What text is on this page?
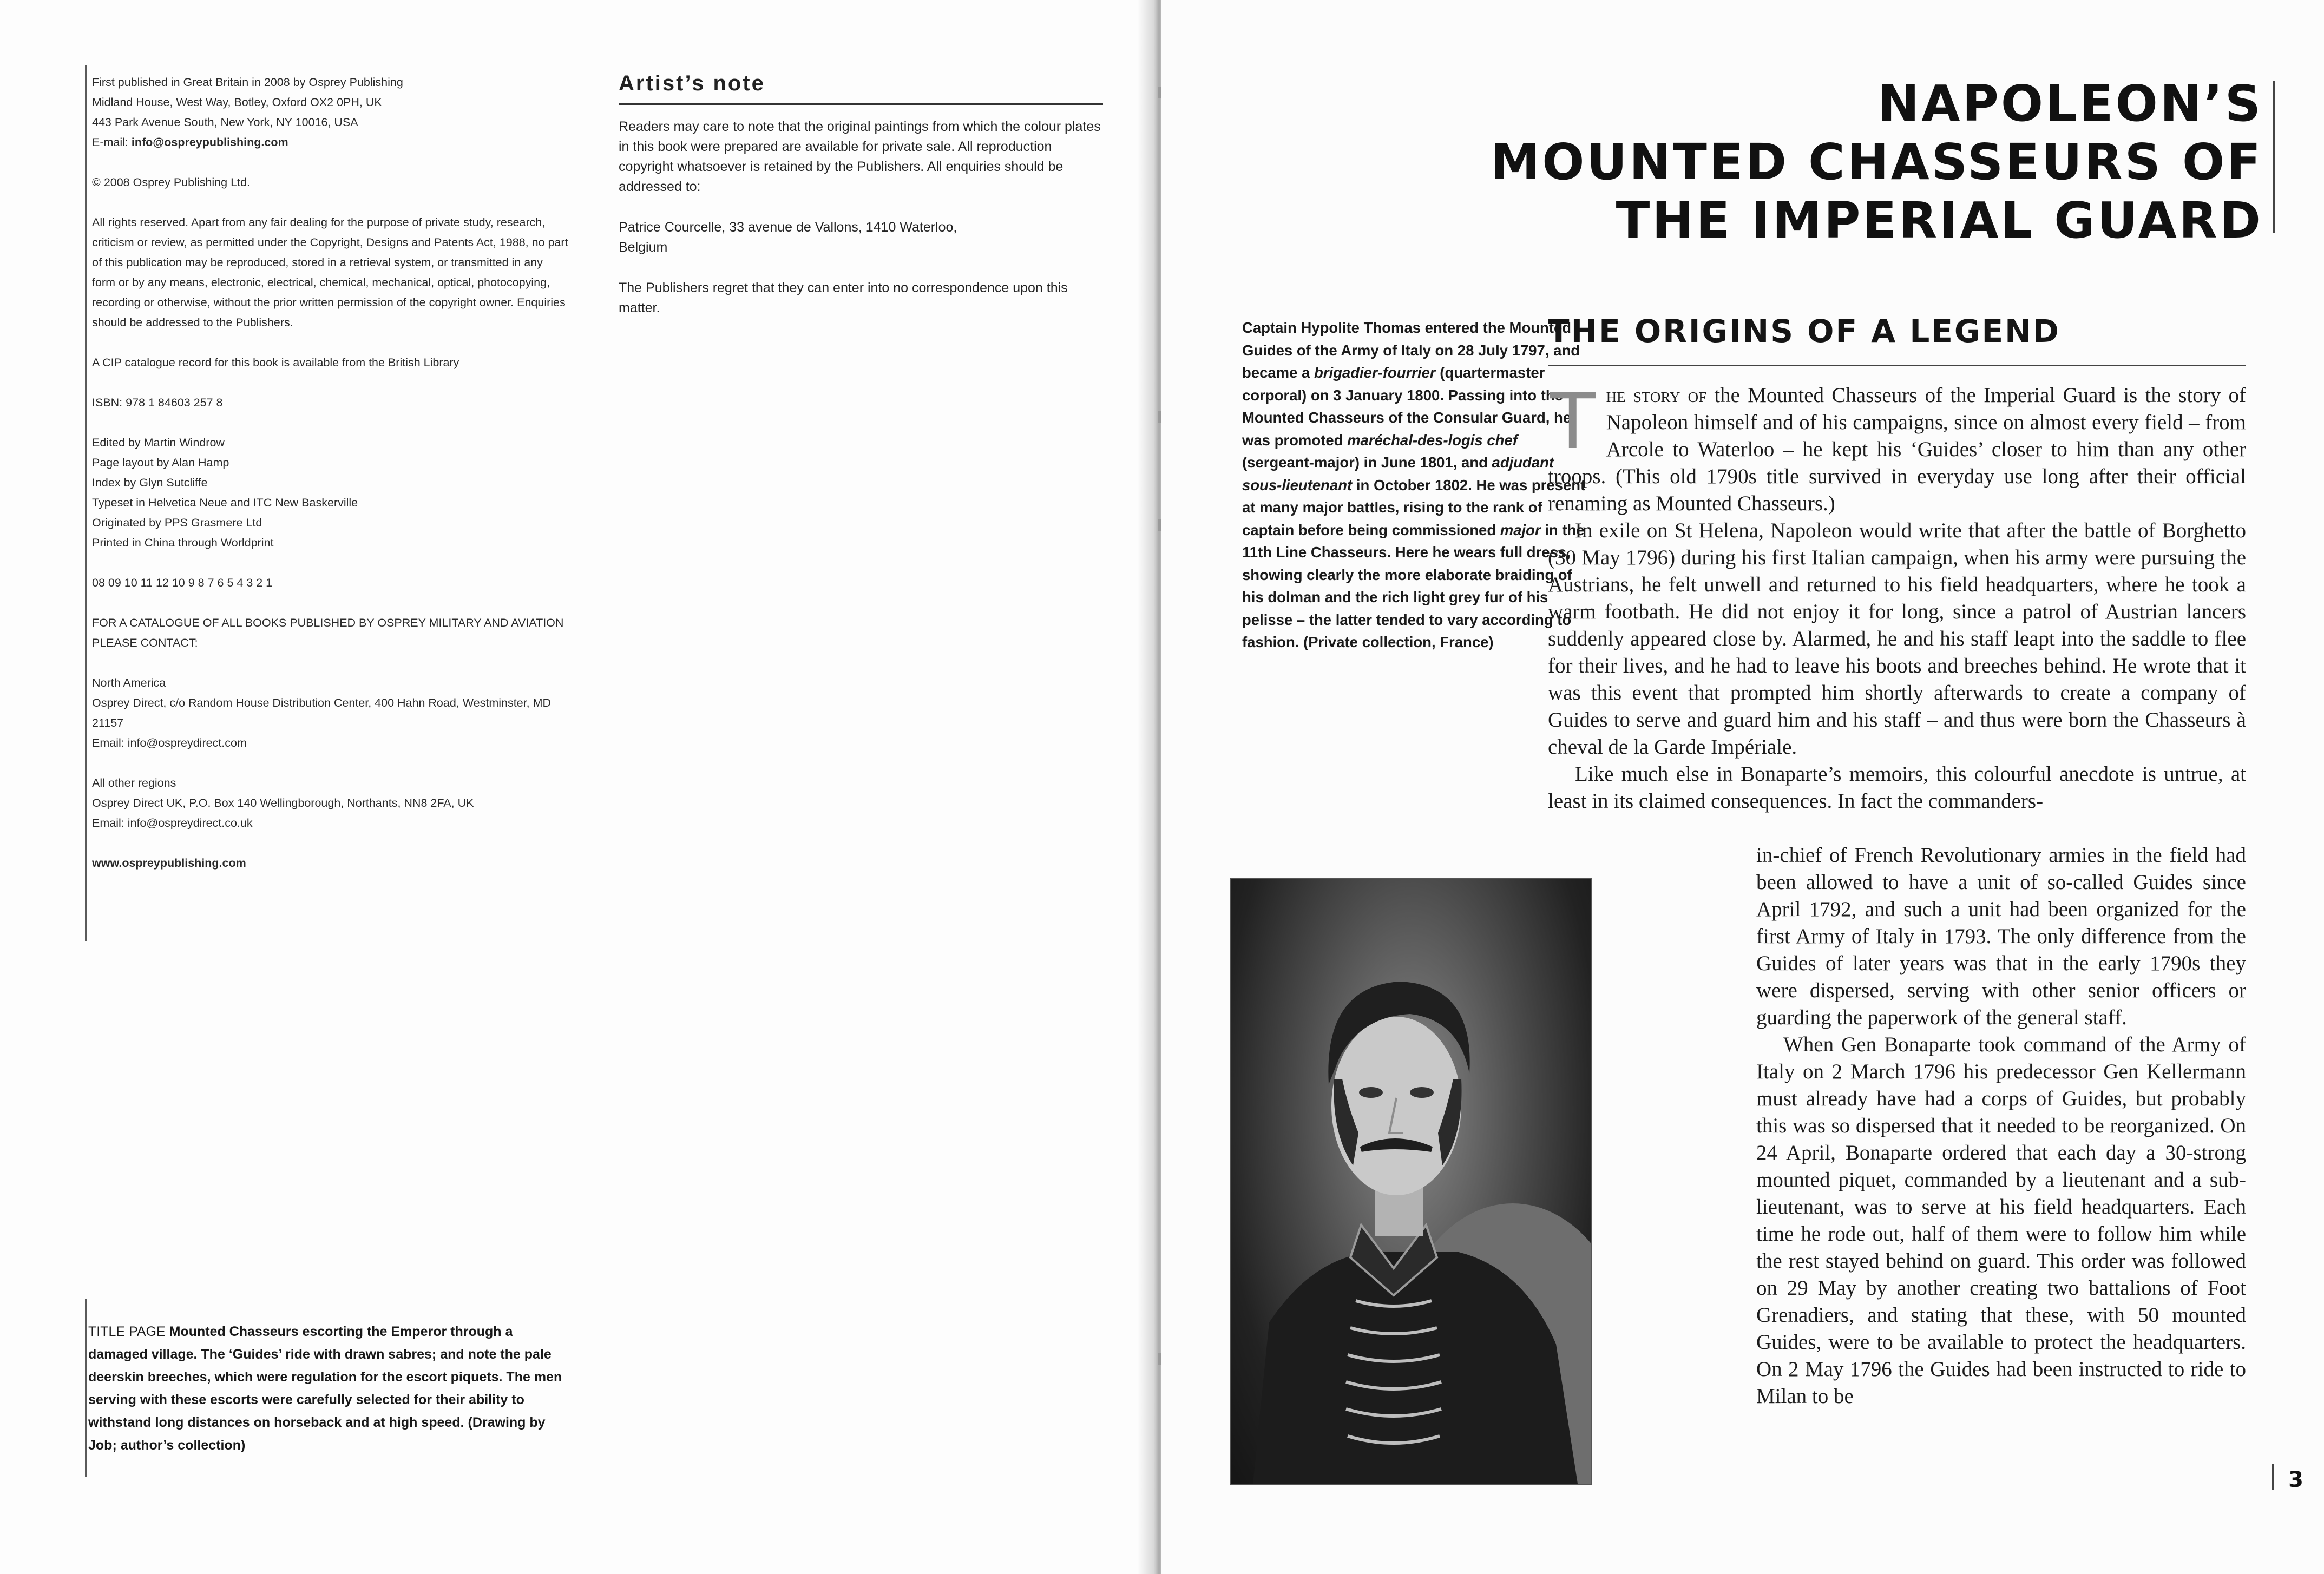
First published in Great Britain in 2008 by Osprey Publishing
Midland House, West Way, Botley, Oxford OX2 0PH, UK
443 Park Avenue South, New York, NY 10016, USA
E-mail: info@ospreypublishing.com

© 2008 Osprey Publishing Ltd.

All rights reserved. Apart from any fair dealing for the purpose of private study, research, criticism or review, as permitted under the Copyright, Designs and Patents Act, 1988, no part of this publication may be reproduced, stored in a retrieval system, or transmitted in any form or by any means, electronic, electrical, chemical, mechanical, optical, photocopying, recording or otherwise, without the prior written permission of the copyright owner. Enquiries should be addressed to the Publishers.

A CIP catalogue record for this book is available from the British Library

ISBN: 978 1 84603 257 8

Edited by Martin Windrow
Page layout by Alan Hamp
Index by Glyn Sutcliffe
Typeset in Helvetica Neue and ITC New Baskerville
Originated by PPS Grasmere Ltd
Printed in China through Worldprint

08 09 10 11 12 10 9 8 7 6 5 4 3 2 1

FOR A CATALOGUE OF ALL BOOKS PUBLISHED BY OSPREY MILITARY AND AVIATION PLEASE CONTACT:

North America
Osprey Direct, c/o Random House Distribution Center, 400 Hahn Road, Westminster, MD 21157
Email: info@ospreydirect.com
All other regions
Osprey Direct UK, P.O. Box 140 Wellingborough, Northants, NN8 2FA, UK
Email: info@ospreydirect.co.uk

www.ospreypublishing.com

Artist’s note

Readers may care to note that the original paintings from which the colour plates in this book were prepared are available for private sale. All reproduction copyright whatsoever is retained by the Publishers. All enquiries should be addressed to:

Patrice Courcelle, 33 avenue de Vallons, 1410 Waterloo, Belgium

The Publishers regret that they can enter into no correspondence upon this matter.

TITLE PAGE Mounted Chasseurs escorting the Emperor through a damaged village. The ‘Guides’ ride with drawn sabres; and note the pale deerskin breeches, which were regulation for the escort piquets. The men serving with these escorts were carefully selected for their ability to withstand long distances on horseback and at high speed. (Drawing by Job; author’s collection)

NAPOLEON’S
MOUNTED CHASSEURS OF
THE IMPERIAL GUARD

Captain Hypolite Thomas entered the Mounted Guides of the Army of Italy on 28 July 1797, and became a brigadier-fourrier (quartermaster corporal) on 3 January 1800. Passing into the Mounted Chasseurs of the Consular Guard, he was promoted maréchal-des-logis chef (sergeant-major) in June 1801, and adjudant sous-lieutenant in October 1802. He was present at many major battles, rising to the rank of captain before being commissioned major in the 11th Line Chasseurs. Here he wears full dress, showing clearly the more elaborate braiding of his dolman and the rich light grey fur of his pelisse – the latter tended to vary according to fashion. (Private collection, France)

THE ORIGINS OF A LEGEND

The story of the Mounted Chasseurs of the Imperial Guard is the story of Napoleon himself and of his campaigns, since on almost every field – from Arcole to Waterloo – he kept his ‘Guides’ closer to him than any other troops. (This old 1790s title survived in everyday use long after their official renaming as Mounted Chasseurs.)

In exile on St Helena, Napoleon would write that after the battle of Borghetto (30 May 1796) during his first Italian campaign, when his army were pursuing the Austrians, he felt unwell and returned to his field headquarters, where he took a warm footbath. He did not enjoy it for long, since a patrol of Austrian lancers suddenly appeared close by. Alarmed, he and his staff leapt into the saddle to flee for their lives, and he had to leave his boots and breeches behind. He wrote that it was this event that prompted him shortly afterwards to create a company of Guides to serve and guard him and his staff – and thus were born the Chasseurs à cheval de la Garde Impériale.

Like much else in Bonaparte’s memoirs, this colourful anecdote is untrue, at least in its claimed consequences. In fact the commanders-

in-chief of French Revolutionary armies in the field had been allowed to have a unit of so-called Guides since April 1792, and such a unit had been organized for the first Army of Italy in 1793. The only difference from the Guides of later years was that in the early 1790s they were dispersed, serving with other senior officers or guarding the paperwork of the general staff.

When Gen Bonaparte took command of the Army of Italy on 2 March 1796 his predecessor Gen Kellermann must already have had a corps of Guides, but probably this was so dispersed that it needed to be reorganized. On 24 April, Bonaparte ordered that each day a 30-strong mounted piquet, commanded by a lieutenant and a sub-lieutenant, was to serve at his field headquarters. Each time he rode out, half of them were to follow him while the rest stayed behind on guard. This order was followed on 29 May by another creating two battalions of Foot Grenadiers, and stating that these, with 50 mounted Guides, were to be available to protect the headquarters. On 2 May 1796 the Guides had been instructed to ride to Milan to be

3
